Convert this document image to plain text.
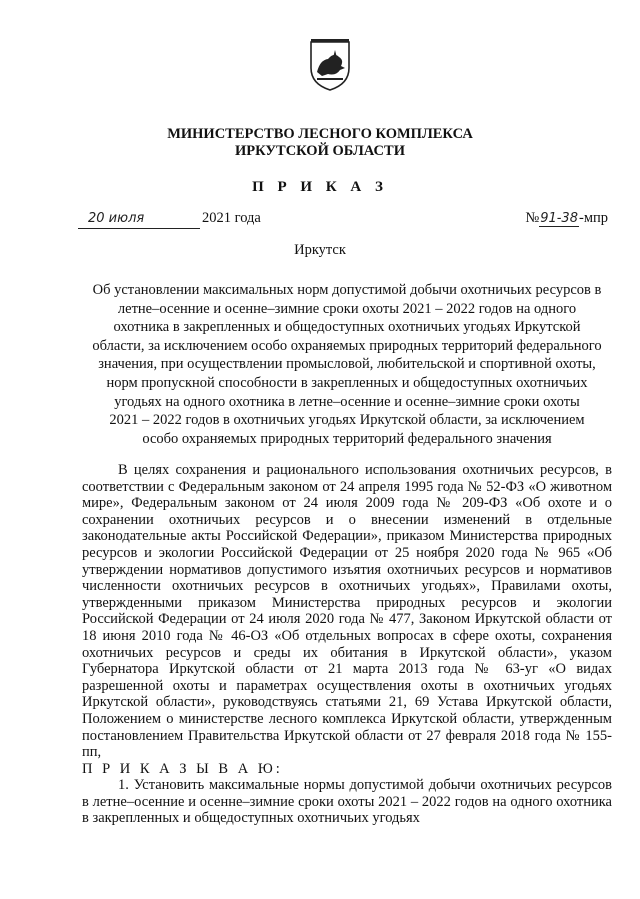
МИНИСТЕРСТВО ЛЕСНОГО КОМПЛЕКСА
ИРКУТСКОЙ ОБЛАСТИ
П Р И К А З
20 июля	2021 года	№91-38-мпр
Иркутск
Об установлении максимальных норм допустимой добычи охотничьих ресурсов в
летне–осенние и осенне–зимние сроки охоты 2021 – 2022 годов на одного
охотника в закрепленных и общедоступных охотничьих угодьях Иркутской
области, за исключением особо охраняемых природных территорий федерального
значения, при осуществлении промысловой, любительской и спортивной охоты,
норм пропускной способности в закрепленных и общедоступных охотничьих
угодьях на одного охотника в летне–осенние и осенне–зимние сроки охоты
2021 – 2022 годов в охотничьих угодьях Иркутской области, за исключением
особо охраняемых природных территорий федерального значения

В целях сохранения и рационального использования охотничьих ресурсов, в соответствии с Федеральным законом от 24 апреля 1995 года № 52-ФЗ «О животном мире», Федеральным законом от 24 июля 2009 года № 209-ФЗ «Об охоте и о сохранении охотничьих ресурсов и о внесении изменений в отдельные законодательные акты Российской Федерации», приказом Министерства природных ресурсов и экологии Российской Федерации от 25 ноября 2020 года № 965 «Об утверждении нормативов допустимого изъятия охотничьих ресурсов и нормативов численности охотничьих ресурсов в охотничьих угодьях», Правилами охоты, утвержденными приказом Министерства природных ресурсов и экологии Российской Федерации от 24 июля 2020 года № 477, Законом Иркутской области от 18 июня 2010 года № 46-ОЗ «Об отдельных вопросах в сфере охоты, сохранения охотничьих ресурсов и среды их обитания в Иркутской области», указом Губернатора Иркутской области от 21 марта 2013 года № 63-уг «О видах разрешенной охоты и параметрах осуществления охоты в охотничьих угодьях Иркутской области», руководствуясь статьями 21, 69 Устава Иркутской области, Положением о министерстве лесного комплекса Иркутской области, утвержденным постановлением Правительства Иркутской области от 27 февраля 2018 года № 155-пп,

П Р И К А З Ы В А Ю:

1. Установить максимальные нормы допустимой добычи охотничьих ресурсов в летне–осенние и осенне–зимние сроки охоты 2021 – 2022 годов на одного охотника в закрепленных и общедоступных охотничьих угодьях
